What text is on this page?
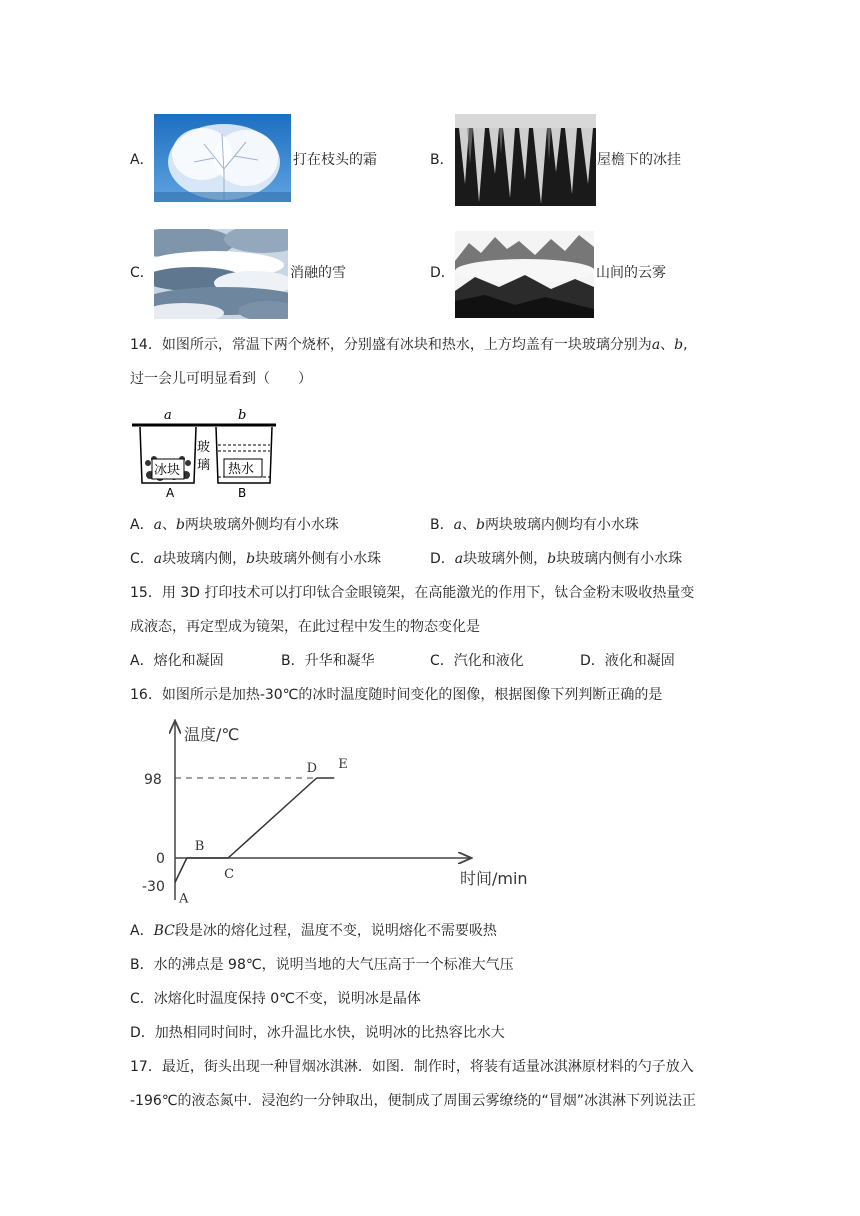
A．	打在枝头的霜	B．	屋檐下的冰挂
C．	消融的雪	D．	山间的云雾
14．如图所示，常温下两个烧杯，分别盛有冰块和热水，上方均盖有一块玻璃分别为a、b,
过一会儿可明显看到（　　）
a	b
冰块
A
玻
璃 热水
B
A．a、b两块玻璃外侧均有小水珠	B．a、b两块玻璃内侧均有小水珠
C．a块玻璃内侧，b块玻璃外侧有小水珠	D．a块玻璃外侧，b块玻璃内侧有小水珠
15．用 3D 打印技术可以打印钛合金眼镜架，在高能激光的作用下，钛合金粉末吸收热量变
成液态，再定型成为镜架，在此过程中发生的物态变化是
A．熔化和凝固	B．升华和凝华	C．汽化和液化	D．液化和凝固
16．如图所示是加热-30℃的冰时温度随时间变化的图像，根据图像下列判断正确的是
温度/℃
时间/min
98
0
-30
A
B
C
D E
A．BC段是冰的熔化过程，温度不变，说明熔化不需要吸热
B．水的沸点是 98℃，说明当地的大气压高于一个标准大气压
C．冰熔化时温度保持 0℃不变，说明冰是晶体
D．加热相同时间时，冰升温比水快，说明冰的比热容比水大
17．最近，街头出现一种冒烟冰淇淋．如图．制作时，将装有适量冰淇淋原材料的勺子放入
-196℃的液态氮中．浸泡约一分钟取出，便制成了周围云雾缭绕的“冒烟”冰淇淋下列说法正
